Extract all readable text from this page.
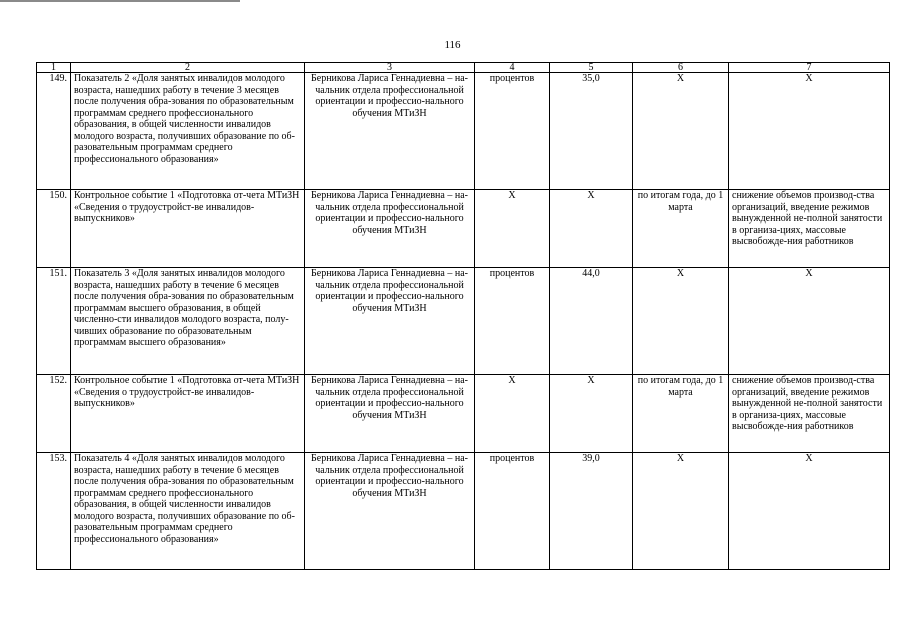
116
1	2	3	4	5	6	7
149.	Показатель 2 «Доля занятых инвалидов молодого возраста, нашедших работу в течение 3 месяцев после получения обра-зования по образовательным программам среднего профессионального образования, в общей численности инвалидов молодого возраста, получивших образование по об-разовательным программам среднего профессионального образования»	Берникова Лариса Геннадиевна – на-чальник отдела профессиональной ориентации и профессио-нального обучения МТиЗН	процентов	35,0	Х	Х
150.	Контрольное событие 1 «Подготовка от-чета МТиЗН «Сведения о трудоустройст-ве инвалидов-выпускников»	Берникова Лариса Геннадиевна – на-чальник отдела профессиональной ориентации и профессио-нального обучения МТиЗН	Х	Х	по итогам года, до 1 марта	снижение объемов производ-ства организаций, введение режимов вынужденной не-полной занятости в организа-циях, массовые высвобожде-ния работников
151.	Показатель 3 «Доля занятых инвалидов молодого возраста, нашедших работу в течение 6 месяцев после получения обра-зования по образовательным программам высшего образования, в общей численно-сти инвалидов молодого возраста, полу-чивших образование по образовательным программам высшего образования»	Берникова Лариса Геннадиевна – на-чальник отдела профессиональной ориентации и профессио-нального обучения МТиЗН	процентов	44,0	Х	Х
152.	Контрольное событие 1 «Подготовка от-чета МТиЗН «Сведения о трудоустройст-ве инвалидов-выпускников»	Берникова Лариса Геннадиевна – на-чальник отдела профессиональной ориентации и профессио-нального обучения МТиЗН	Х	Х	по итогам года, до 1 марта	снижение объемов производ-ства организаций, введение режимов вынужденной не-полной занятости в организа-циях, массовые высвобожде-ния работников
153.	Показатель 4 «Доля занятых инвалидов молодого возраста, нашедших работу в течение 6 месяцев после получения обра-зования по образовательным программам среднего профессионального образования, в общей численности инвалидов молодого возраста, получивших образование по об-разовательным программам среднего профессионального образования»	Берникова Лариса Геннадиевна – на-чальник отдела профессиональной ориентации и профессио-нального обучения МТиЗН	процентов	39,0	Х	Х
